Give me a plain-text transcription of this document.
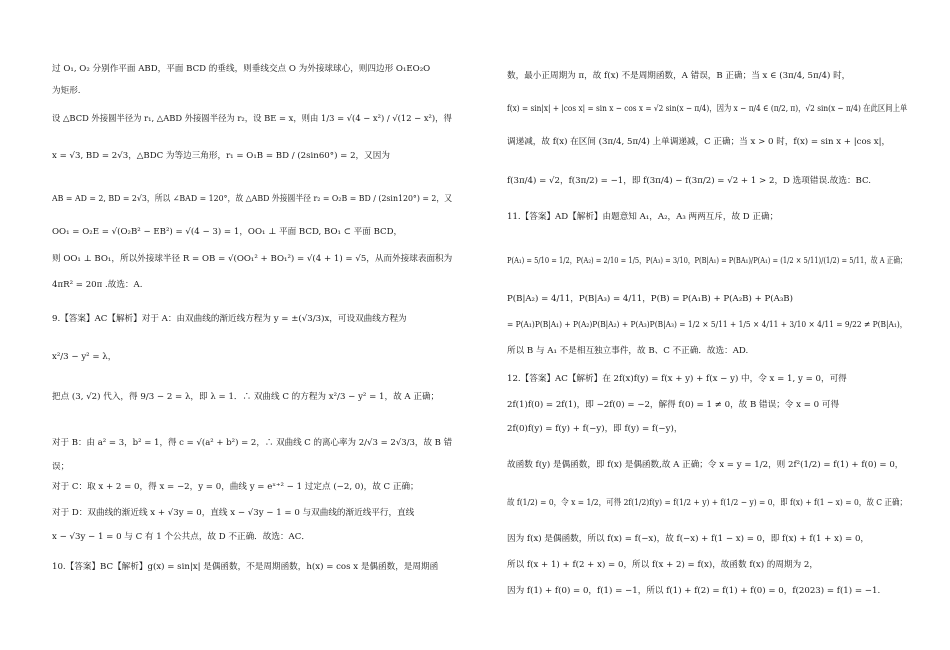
过 O₁, O₂ 分别作平面 ABD，平面 BCD 的垂线，则垂线交点 O 为外接球球心，则四边形 O₁EO₂O
为矩形.
设 △BCD 外接圆半径为 r₁, △ABD 外接圆半径为 r₂，设 BE = x，则由 1/3 = √(4 − x²) / √(12 − x²)，得
x = √3, BD = 2√3，△BDC 为等边三角形，r₁ = O₁B = BD / (2sin60°) = 2，又因为
AB = AD = 2, BD = 2√3，所以 ∠BAD = 120°，故 △ABD 外接圆半径 r₂ = O₂B = BD / (2sin120°) = 2，又
OO₁ = O₂E = √(O₂B² − EB²) = √(4 − 3) = 1，OO₁ ⊥ 平面 BCD, BO₁ ⊂ 平面 BCD，
则 OO₁ ⊥ BO₁，所以外接球半径 R = OB = √(OO₁² + BO₁²) = √(4 + 1) = √5，从而外接球表面积为
4πR² = 20π .故选：A.
9.【答案】AC【解析】对于 A：由双曲线的渐近线方程为 y = ±(√3/3)x，可设双曲线方程为
x²/3 − y² = λ，
把点 (3, √2) 代入，得 9/3 − 2 = λ，即 λ = 1．∴ 双曲线 C 的方程为 x²/3 − y² = 1，故 A 正确；
对于 B：由 a² = 3，b² = 1，得 c = √(a² + b²) = 2，∴ 双曲线 C 的离心率为 2/√3 = 2√3/3，故 B 错
误；
对于 C：取 x + 2 = 0，得 x = −2，y = 0，曲线 y = eˣ⁺² − 1 过定点 (−2, 0)，故 C 正确；
对于 D：双曲线的渐近线 x + √3y = 0，直线 x − √3y − 1 = 0 与双曲线的渐近线平行，直线
x − √3y − 1 = 0 与 C 有 1 个公共点，故 D 不正确．故选：AC．
10.【答案】BC【解析】g(x) = sin|x| 是偶函数，不是周期函数，h(x) = cos x 是偶函数，是周期函
数，最小正周期为 π，故 f(x) 不是周期函数，A 错误，B 正确；当 x ∈ (3π/4, 5π/4) 时，
f(x) = sin|x| + |cos x| = sin x − cos x = √2 sin(x − π/4)，因为 x − π/4 ∈ (π/2, π)，√2 sin(x − π/4) 在此区间上单
调递减，故 f(x) 在区间 (3π/4, 5π/4) 上单调递减，C 正确；当 x > 0 时，f(x) = sin x + |cos x|，
f(3π/4) = √2，f(3π/2) = −1，即 f(3π/4) − f(3π/2) = √2 + 1 > 2，D 选项错误.故选：BC.
11.【答案】AD【解析】由题意知 A₁，A₂，A₃ 两两互斥，故 D 正确；
P(A₁) = 5/10 = 1/2，P(A₂) = 2/10 = 1/5，P(A₃) = 3/10，P(B|A₁) = P(BA₁)/P(A₁) = (1/2 × 5/11)/(1/2) = 5/11，故 A 正确；
P(B|A₂) = 4/11，P(B|A₃) = 4/11，P(B) = P(A₁B) + P(A₂B) + P(A₃B)
= P(A₁)P(B|A₁) + P(A₂)P(B|A₂) + P(A₃)P(B|A₃) = 1/2 × 5/11 + 1/5 × 4/11 + 3/10 × 4/11 = 9/22 ≠ P(B|A₁)，
所以 B 与 A₁ 不是相互独立事件，故 B、C 不正确．故选：AD.
12.【答案】AC【解析】在 2f(x)f(y) = f(x + y) + f(x − y) 中，令 x = 1, y = 0，可得
2f(1)f(0) = 2f(1)，即 −2f(0) = −2，解得 f(0) = 1 ≠ 0，故 B 错误；令 x = 0 可得
2f(0)f(y) = f(y) + f(−y)，即 f(y) = f(−y)，
故函数 f(y) 是偶函数，即 f(x) 是偶函数,故 A 正确；令 x = y = 1/2，则 2f²(1/2) = f(1) + f(0) = 0，
故 f(1/2) = 0，令 x = 1/2，可得 2f(1/2)f(y) = f(1/2 + y) + f(1/2 − y) = 0，即 f(x) + f(1 − x) = 0，故 C 正确；
因为 f(x) 是偶函数，所以 f(x) = f(−x)，故 f(−x) + f(1 − x) = 0，即 f(x) + f(1 + x) = 0，
所以 f(x + 1) + f(2 + x) = 0，所以 f(x + 2) = f(x)，故函数 f(x) 的周期为 2，
因为 f(1) + f(0) = 0，f(1) = −1，所以 f(1) + f(2) = f(1) + f(0) = 0，f(2023) = f(1) = −1.
